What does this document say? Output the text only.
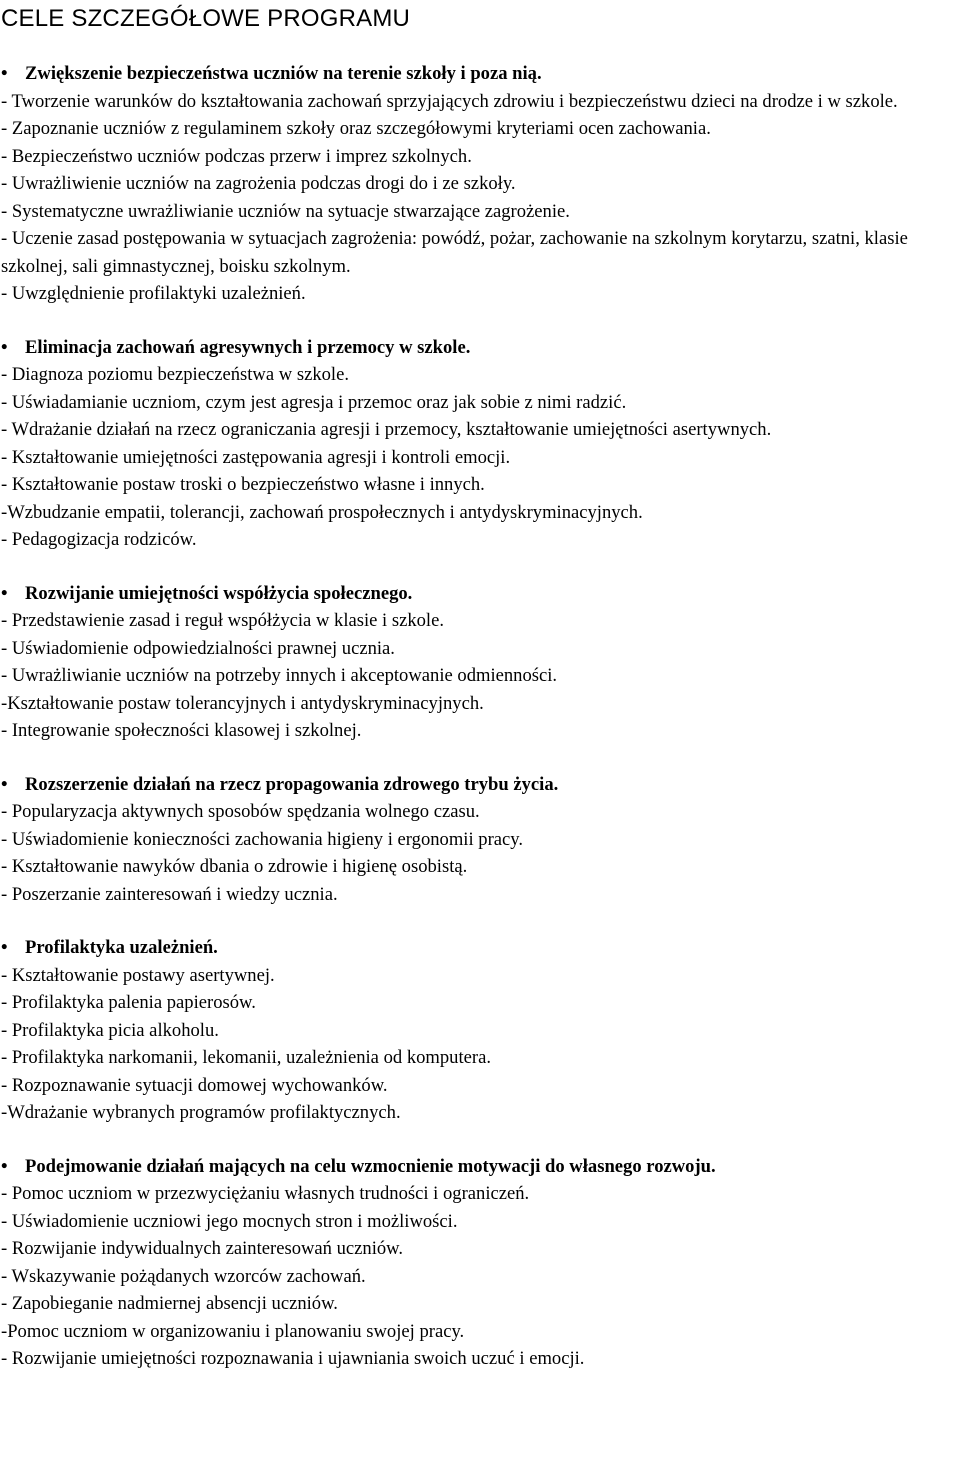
CELE SZCZEGÓŁOWE PROGRAMU

• Zwiększenie bezpieczeństwa uczniów na terenie szkoły i poza nią.

- Tworzenie warunków do kształtowania zachowań sprzyjających zdrowiu i bezpieczeństwu dzieci na drodze i w szkole.

- Zapoznanie uczniów z regulaminem szkoły oraz szczegółowymi kryteriami ocen zachowania.

- Bezpieczeństwo uczniów podczas przerw i imprez szkolnych.

- Uwrażliwienie uczniów na zagrożenia podczas drogi do i ze szkoły.

- Systematyczne uwrażliwianie uczniów na sytuacje stwarzające zagrożenie.

- Uczenie zasad postępowania w sytuacjach zagrożenia: powódź, pożar, zachowanie na szkolnym korytarzu, szatni, klasie szkolnej, sali gimnastycznej, boisku szkolnym.

- Uwzględnienie profilaktyki uzależnień.

• Eliminacja zachowań agresywnych i przemocy w szkole.

- Diagnoza poziomu bezpieczeństwa w szkole.

- Uświadamianie uczniom, czym jest agresja i przemoc oraz jak sobie z nimi radzić.

- Wdrażanie działań na rzecz ograniczania agresji i przemocy, kształtowanie umiejętności asertywnych.

- Kształtowanie umiejętności zastępowania agresji i kontroli emocji.

- Kształtowanie postaw troski o bezpieczeństwo własne i innych.

-Wzbudzanie empatii, tolerancji, zachowań prospołecznych i antydyskryminacyjnych.

- Pedagogizacja rodziców.

• Rozwijanie umiejętności współżycia społecznego.

- Przedstawienie zasad i reguł współżycia w klasie i szkole.

- Uświadomienie odpowiedzialności prawnej ucznia.

- Uwrażliwianie uczniów na potrzeby innych i akceptowanie odmienności.

-Kształtowanie postaw tolerancyjnych i antydyskryminacyjnych.

- Integrowanie społeczności klasowej i szkolnej.

• Rozszerzenie działań na rzecz propagowania zdrowego trybu życia.

- Popularyzacja aktywnych sposobów spędzania wolnego czasu.

- Uświadomienie konieczności zachowania higieny i ergonomii pracy.

- Kształtowanie nawyków dbania o zdrowie i higienę osobistą.

- Poszerzanie zainteresowań i wiedzy ucznia.

• Profilaktyka uzależnień.

- Kształtowanie postawy asertywnej.

- Profilaktyka palenia papierosów.

- Profilaktyka picia alkoholu.

- Profilaktyka narkomanii, lekomanii, uzależnienia od komputera.

- Rozpoznawanie sytuacji domowej wychowanków.

-Wdrażanie wybranych programów profilaktycznych.

• Podejmowanie działań mających na celu wzmocnienie motywacji do własnego rozwoju.

- Pomoc uczniom w przezwyciężaniu własnych trudności i ograniczeń.

- Uświadomienie uczniowi jego mocnych stron i możliwości.

- Rozwijanie indywidualnych zainteresowań uczniów.

- Wskazywanie pożądanych wzorców zachowań.

- Zapobieganie nadmiernej absencji uczniów.

-Pomoc uczniom w organizowaniu i planowaniu swojej pracy.

- Rozwijanie umiejętności rozpoznawania i ujawniania swoich uczuć i emocji.
